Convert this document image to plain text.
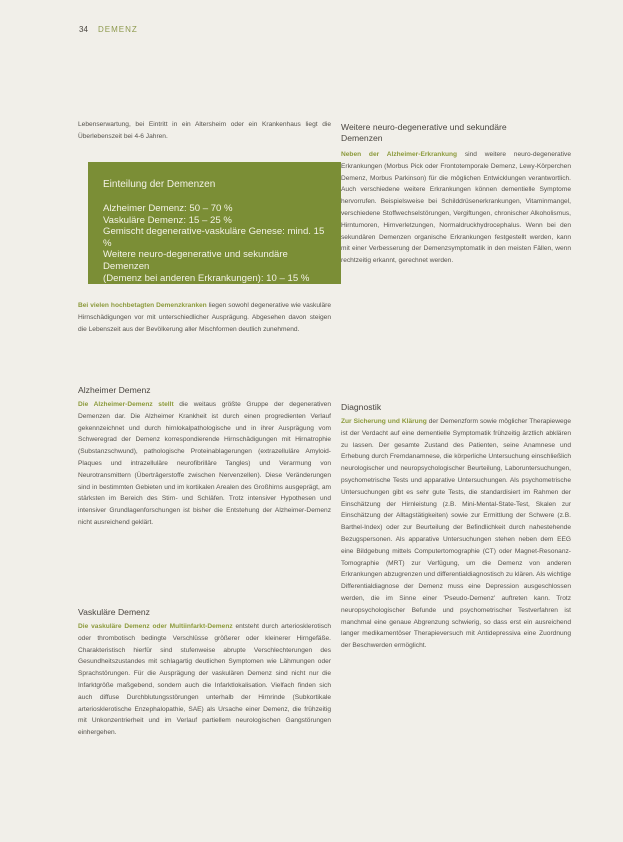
34 DEMENZ
Lebenserwartung, bei Eintritt in ein Altersheim oder ein Krankenhaus liegt die Überlebenszeit bei 4-6 Jahren.
Einteilung der Demenzen
Alzheimer Demenz: 50 – 70 %
Vaskuläre Demenz: 15 – 25 %
Gemischt degenerative-vaskuläre Genese: mind. 15 %
Weitere neuro-degenerative und sekundäre Demenzen
(Demenz bei anderen Erkrankungen): 10 – 15 %
Bei vielen hochbetagten Demenzkranken liegen sowohl degenerative wie vaskuläre Hirnschädigungen vor mit unterschiedlicher Ausprägung. Abgesehen davon steigen die Lebenszeit aus der Bevölkerung aller Mischformen deutlich zunehmend.
Alzheimer Demenz
Die Alzheimer-Demenz stellt die weitaus größte Gruppe der degenerativen Demenzen dar. Die Alzheimer Krankheit ist durch einen progredienten Verlauf gekennzeichnet und durch hirnlokalpathologische und in ihrer Ausprägung vom Schweregrad der Demenz korrespondierende Hirnschädigungen mit Hirnatrophie (Substanzschwund), pathologische Proteinablagerungen (extrazelluläre Amyloid-Plaques und intrazelluläre neurofibrilläre Tangles) und Verarmung von Neurotransmittern (Überträgerstoffe zwischen Nervenzellen). Diese Veränderungen sind in bestimmten Gebieten und im kortikalen Arealen des Großhirns ausgeprägt, am stärksten im Bereich des Stirn- und Schläfen. Trotz intensiver Hypothesen und intensiver Grundlagenforschungen ist bisher die Entstehung der Alzheimer-Demenz nicht ausreichend geklärt.
Vaskuläre Demenz
Die vaskuläre Demenz oder Multiinfarkt-Demenz entsteht durch arteriosklerotisch oder thrombotisch bedingte Verschlüsse größerer oder kleinerer Hirngefäße. Charakteristisch hierfür sind stufenweise abrupte Verschlechterungen des Gesundheitszustandes mit schlagartig deutlichen Symptomen wie Lähmungen oder Sprachstörungen. Für die Ausprägung der vaskulären Demenz sind nicht nur die Infarktgröße maßgebend, sondern auch die Infarktlokalisation. Vielfach finden sich auch diffuse Durchblutungsstörungen unterhalb der Hirnrinde (Subkortikale arteriosklerotische Enzephalopathie, SAE) als Ursache einer Demenz, die frühzeitig mit Unkonzentrierheit und im Verlauf partiellem neurologischen Gangstörungen einhergehen.
Weitere neuro-degenerative und sekundäre
Demenzen
Neben der Alzheimer-Erkrankung sind weitere neuro-degenerative Erkrankungen (Morbus Pick oder Frontotemporale Demenz, Lewy-Körperchen Demenz, Morbus Parkinson) für die möglichen Entwicklungen verantwortlich. Auch verschiedene weitere Erkrankungen können dementielle Symptome hervorrufen. Beispielsweise bei Schilddrüsenerkrankungen, Vitaminmangel, verschiedene Stoffwechselstörungen, Vergiftungen, chronischer Alkoholismus, Hirntumoren, Hirnverletzungen, Normaldruckhydrocephalus. Wenn bei den sekundären Demenzen organische Erkrankungen festgestellt werden, kann mit einer Verbesserung der Demenzsymptomatik in den meisten Fällen, wenn rechtzeitig erkannt, gerechnet werden.
Diagnostik
Zur Sicherung und Klärung der Demenzform sowie möglicher Therapiewege ist der Verdacht auf eine dementielle Symptomatik frühzeitig ärztlich abklären zu lassen. Der gesamte Zustand des Patienten, seine Anamnese und Erhebung durch Fremdanamnese, die körperliche Untersuchung einschließlich neurologischer und neuropsychologischer Beurteilung, Laboruntersuchungen, psychometrische Tests und apparative Untersuchungen. Als psychometrische Untersuchungen gibt es sehr gute Tests, die standardisiert im Rahmen der Einschätzung der Hirnleistung (z.B. Mini-Mental-State-Test, Skalen zur Einschätzung der Alltagstätigkeiten) sowie zur Ermittlung der Schwere (z.B. Barthel-Index) oder zur Beurteilung der Befindlichkeit durch nahestehende Bezugspersonen. Als apparative Untersuchungen stehen neben dem EEG eine Bildgebung mittels Computertomographie (CT) oder Magnet-Resonanz-Tomographie (MRT) zur Verfügung, um die Demenz von anderen Erkrankungen abzugrenzen und differentialdiagnostisch zu klären. Als wichtige Differentialdiagnose der Demenz muss eine Depression ausgeschlossen werden, die im Sinne einer 'Pseudo-Demenz' auftreten kann. Trotz neuropsychologischer Befunde und psychometrischer Testverfahren ist manchmal eine genaue Abgrenzung schwierig, so dass erst ein ausreichend langer medikamentöser Therapieversuch mit Antidepressiva eine Zuordnung der Beschwerden ermöglicht.
